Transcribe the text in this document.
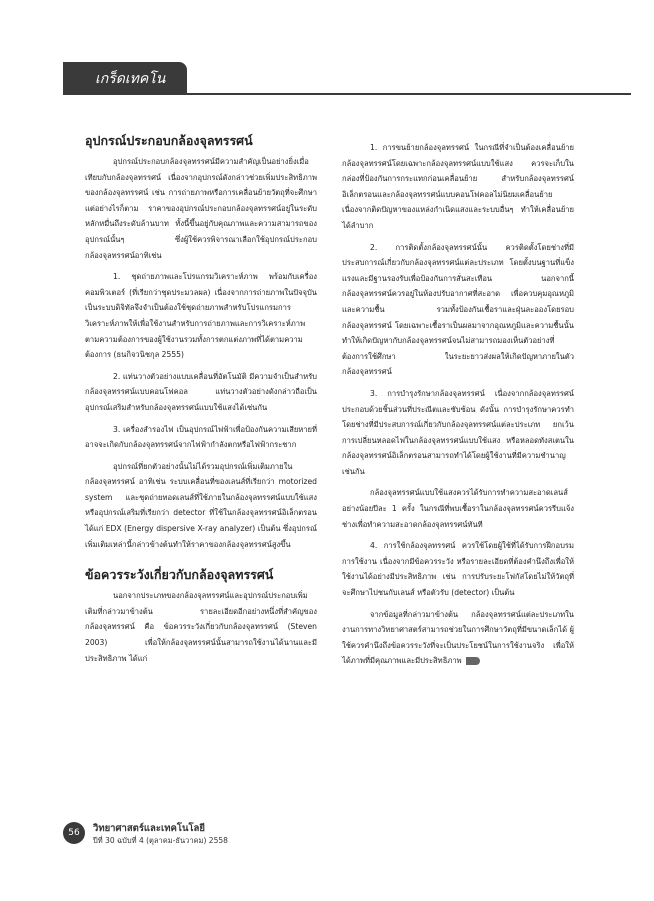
เกร็ดเทคโน
อุปกรณ์ประกอบกล้องจุลทรรศน์

อุปกรณ์ประกอบกล้องจุลทรรศน์มีความสำคัญเป็นอย่างยิ่งเมื่อเทียบกับกล้องจุลทรรศน์ เนื่องจากอุปกรณ์ดังกล่าวช่วยเพิ่มประสิทธิภาพของกล้องจุลทรรศน์ เช่น การถ่ายภาพหรือการเคลื่อนย้ายวัตถุที่จะศึกษา แต่อย่างไรก็ตาม ราคาของอุปกรณ์ประกอบกล้องจุลทรรศน์อยู่ในระดับหลักหมื่นถึงระดับล้านบาท ทั้งนี้ขึ้นอยู่กับคุณภาพและความสามารถของอุปกรณ์นั้นๆ ซึ่งผู้ใช้ควรพิจารณาเลือกใช้อุปกรณ์ประกอบกล้องจุลทรรศน์อาทิเช่น

1. ชุดถ่ายภาพและโปรแกรมวิเคราะห์ภาพ พร้อมกับเครื่องคอมพิวเตอร์ (ที่เรียกว่าชุดประมวลผล) เนื่องจากการถ่ายภาพในปัจจุบันเป็นระบบดิจิทัลจึงจำเป็นต้องใช้ชุดถ่ายภาพสำหรับโปรแกรมการวิเคราะห์ภาพให้เพื่อใช้งานสำหรับการถ่ายภาพและการวิเคราะห์ภาพตามความต้องการของผู้ใช้งานรวมทั้งการตกแต่งภาพที่ได้ตามความต้องการ (ธนกิจวนิชกุล 2555)

2. แท่นวางตัวอย่างแบบเคลื่อนที่อัตโนมัติ มีความจำเป็นสำหรับกล้องจุลทรรศน์แบบคอนโฟคอล แท่นวางตัวอย่างดังกล่าวถือเป็นอุปกรณ์เสริมสำหรับกล้องจุลทรรศน์แบบใช้แสงได้เช่นกัน

3. เครื่องสำรองไฟ เป็นอุปกรณ์ไฟฟ้าเพื่อป้องกันความเสียหายที่อาจจะเกิดกับกล้องจุลทรรศน์จากไฟฟ้ากำลังตกหรือไฟฟ้ากระชาก

อุปกรณ์ที่ยกตัวอย่างนั้นไม่ได้รวมอุปกรณ์เพิ่มเติมภายในกล้องจุลทรรศน์ อาทิเช่น ระบบเคลื่อนที่ของเลนส์ที่เรียกว่า motorized system และชุดถ่ายทอดเลนส์ที่ใช้ภายในกล้องจุลทรรศน์แบบใช้แสง หรืออุปกรณ์เสริมที่เรียกว่า detector ที่ใช้ในกล้องจุลทรรศน์อิเล็กตรอน ได้แก่ EDX (Energy dispersive X-ray analyzer) เป็นต้น ซึ่งอุปกรณ์เพิ่มเติมเหล่านี้กล่าวข้างต้นทำให้ราคาของกล้องจุลทรรศน์สูงขึ้น

ข้อควรระวังเกี่ยวกับกล้องจุลทรรศน์

นอกจากประเภทของกล้องจุลทรรศน์และอุปกรณ์ประกอบเพิ่มเติมที่กล่าวมาข้างต้น รายละเอียดอีกอย่างหนึ่งที่สำคัญของกล้องจุลทรรศน์ คือ ข้อควรระวังเกี่ยวกับกล้องจุลทรรศน์ (Steven 2003) เพื่อให้กล้องจุลทรรศน์นั้นสามารถใช้งานได้นานและมีประสิทธิภาพ ได้แก่

1. การขนย้ายกล้องจุลทรรศน์ ในกรณีที่จำเป็นต้องเคลื่อนย้ายกล้องจุลทรรศน์โดยเฉพาะกล้องจุลทรรศน์แบบใช้แสง ควรจะเก็บในกล่องที่ป้องกันการกระแทกก่อนเคลื่อนย้าย สำหรับกล้องจุลทรรศน์อิเล็กตรอนและกล้องจุลทรรศน์แบบคอนโฟคอลไม่นิยมเคลื่อนย้าย เนื่องจากติดปัญหาของแหล่งกำเนิดแสงและระบบอื่นๆ ทำให้เคลื่อนย้ายได้ลำบาก

2. การติดตั้งกล้องจุลทรรศน์นั้น ควรติดตั้งโดยช่างที่มีประสบการณ์เกี่ยวกับกล้องจุลทรรศน์แต่ละประเภท โดยตั้งบนฐานที่แข็งแรงและมีฐานรองรับเพื่อป้องกันการสั่นสะเทือน นอกจากนี้ กล้องจุลทรรศน์ควรอยู่ในห้องปรับอากาศที่สะอาด เพื่อควบคุมอุณหภูมิและความชื้น รวมทั้งป้องกันเชื้อราและฝุ่นละอองโดยรอบกล้องจุลทรรศน์ โดยเฉพาะเชื้อราเป็นผลมาจากอุณหภูมิและความชื้นนั้น ทำให้เกิดปัญหากับกล้องจุลทรรศน์จนไม่สามารถมองเห็นตัวอย่างที่ต้องการใช้ศึกษา ในระยะยาวส่งผลให้เกิดปัญหาภายในตัวกล้องจุลทรรศน์

3. การบำรุงรักษากล้องจุลทรรศน์ เนื่องจากกล้องจุลทรรศน์ประกอบด้วยชิ้นส่วนที่ประณีตและซับซ้อน ดังนั้น การบำรุงรักษาควรทำโดยช่างที่มีประสบการณ์เกี่ยวกับกล้องจุลทรรศน์แต่ละประเภท ยกเว้นการเปลี่ยนหลอดไฟในกล้องจุลทรรศน์แบบใช้แสง หรือหลอดทังสเตนในกล้องจุลทรรศน์อิเล็กตรอนสามารถทำได้โดยผู้ใช้งานที่มีความชำนาญเช่นกัน

กล้องจุลทรรศน์แบบใช้แสงควรได้รับการทำความสะอาดเลนส์อย่างน้อยปีละ 1 ครั้ง ในกรณีที่พบเชื้อราในกล้องจุลทรรศน์ควรรีบแจ้งช่างเพื่อทำความสะอาดกล้องจุลทรรศน์ทันที

4. การใช้กล้องจุลทรรศน์ ควรใช้โดยผู้ใช้ที่ได้รับการฝึกอบรมการใช้งาน เนื่องจากมีข้อควรระวัง หรือรายละเอียดที่ต้องคำนึงถึงเพื่อให้ใช้งานได้อย่างมีประสิทธิภาพ เช่น การปรับระยะโฟกัสโดยไม่ให้วัตถุที่จะศึกษาไปชนกับเลนส์ หรือตัวรับ (detector) เป็นต้น

จากข้อมูลที่กล่าวมาข้างต้น กล้องจุลทรรศน์แต่ละประเภทในงานการทางวิทยาศาสตร์สามารถช่วยในการศึกษาวัตถุที่มีขนาดเล็กได้ ผู้ใช้ควรคำนึงถึงข้อควรระวังที่จะเป็นประโยชน์ในการใช้งานจริง เพื่อให้ได้ภาพที่มีคุณภาพและมีประสิทธิภาพ

56	วิทยาศาสตร์และเทคโนโลยี
ปีที่ 30 ฉบับที่ 4 (ตุลาคม-ธันวาคม) 2558
